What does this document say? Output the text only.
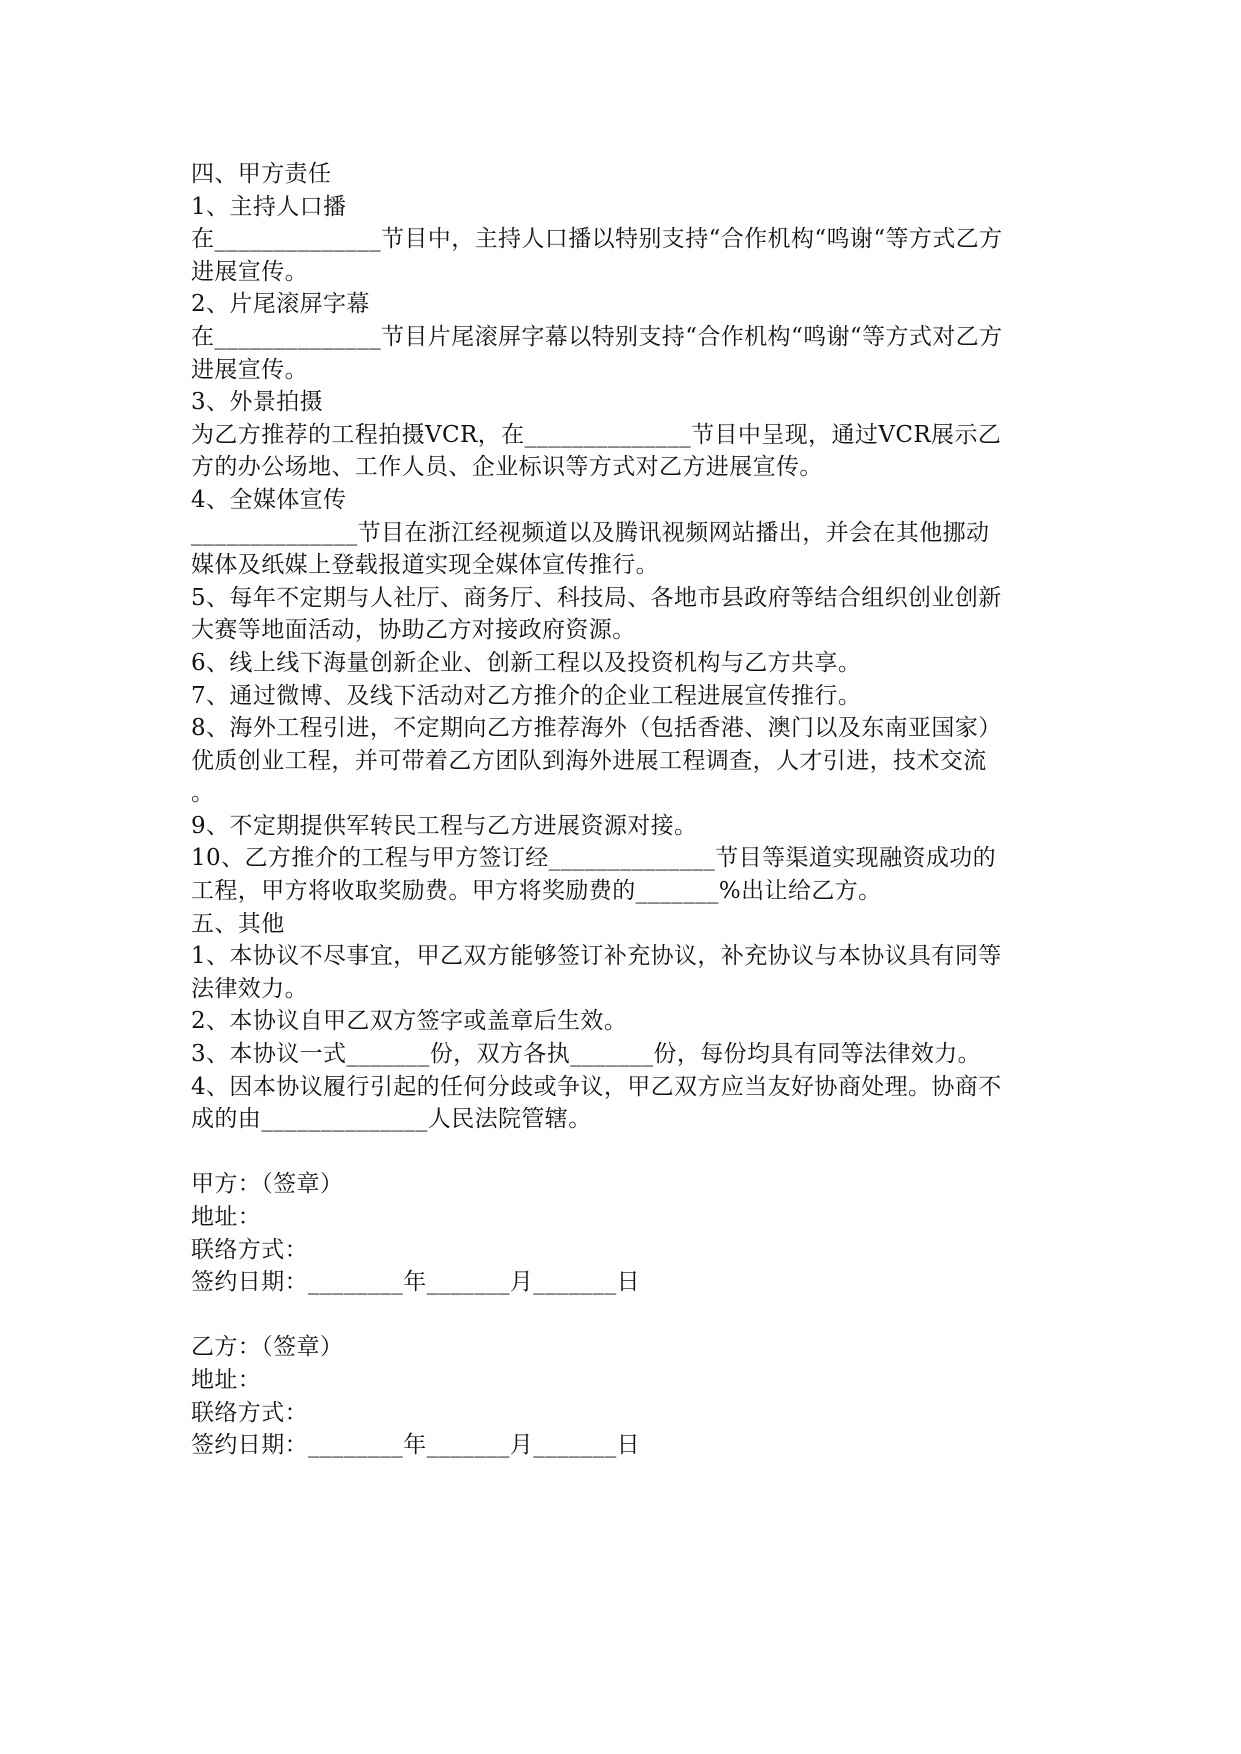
四、甲方责任
1、主持人口播
在______________节目中，主持人口播以特别支持“合作机构“鸣谢“等方式乙方
进展宣传。
2、片尾滚屏字幕
在______________节目片尾滚屏字幕以特别支持“合作机构“鸣谢“等方式对乙方
进展宣传。
3、外景拍摄
为乙方推荐的工程拍摄VCR，在______________节目中呈现，通过VCR展示乙
方的办公场地、工作人员、企业标识等方式对乙方进展宣传。
4、全媒体宣传
______________节目在浙江经视频道以及腾讯视频网站播出，并会在其他挪动
媒体及纸媒上登载报道实现全媒体宣传推行。
5、每年不定期与人社厅、商务厅、科技局、各地市县政府等结合组织创业创新
大赛等地面活动，协助乙方对接政府资源。
6、线上线下海量创新企业、创新工程以及投资机构与乙方共享。
7、通过微博、及线下活动对乙方推介的企业工程进展宣传推行。
8、海外工程引进，不定期向乙方推荐海外（包括香港、澳门以及东南亚国家）
优质创业工程，并可带着乙方团队到海外进展工程调查，人才引进，技术交流
。
9、不定期提供军转民工程与乙方进展资源对接。
10、乙方推介的工程与甲方签订经______________节目等渠道实现融资成功的
工程，甲方将收取奖励费。甲方将奖励费的_______%出让给乙方。
五、其他
1、本协议不尽事宜，甲乙双方能够签订补充协议，补充协议与本协议具有同等
法律效力。
2、本协议自甲乙双方签字或盖章后生效。
3、本协议一式_______份，双方各执_______份，每份均具有同等法律效力。
4、因本协议履行引起的任何分歧或争议，甲乙双方应当友好协商处理。协商不
成的由______________人民法院管辖。
甲方：（签章）
地址：
联络方式：
签约日期：________年_______月_______日
乙方：（签章）
地址：
联络方式：
签约日期：________年_______月_______日
